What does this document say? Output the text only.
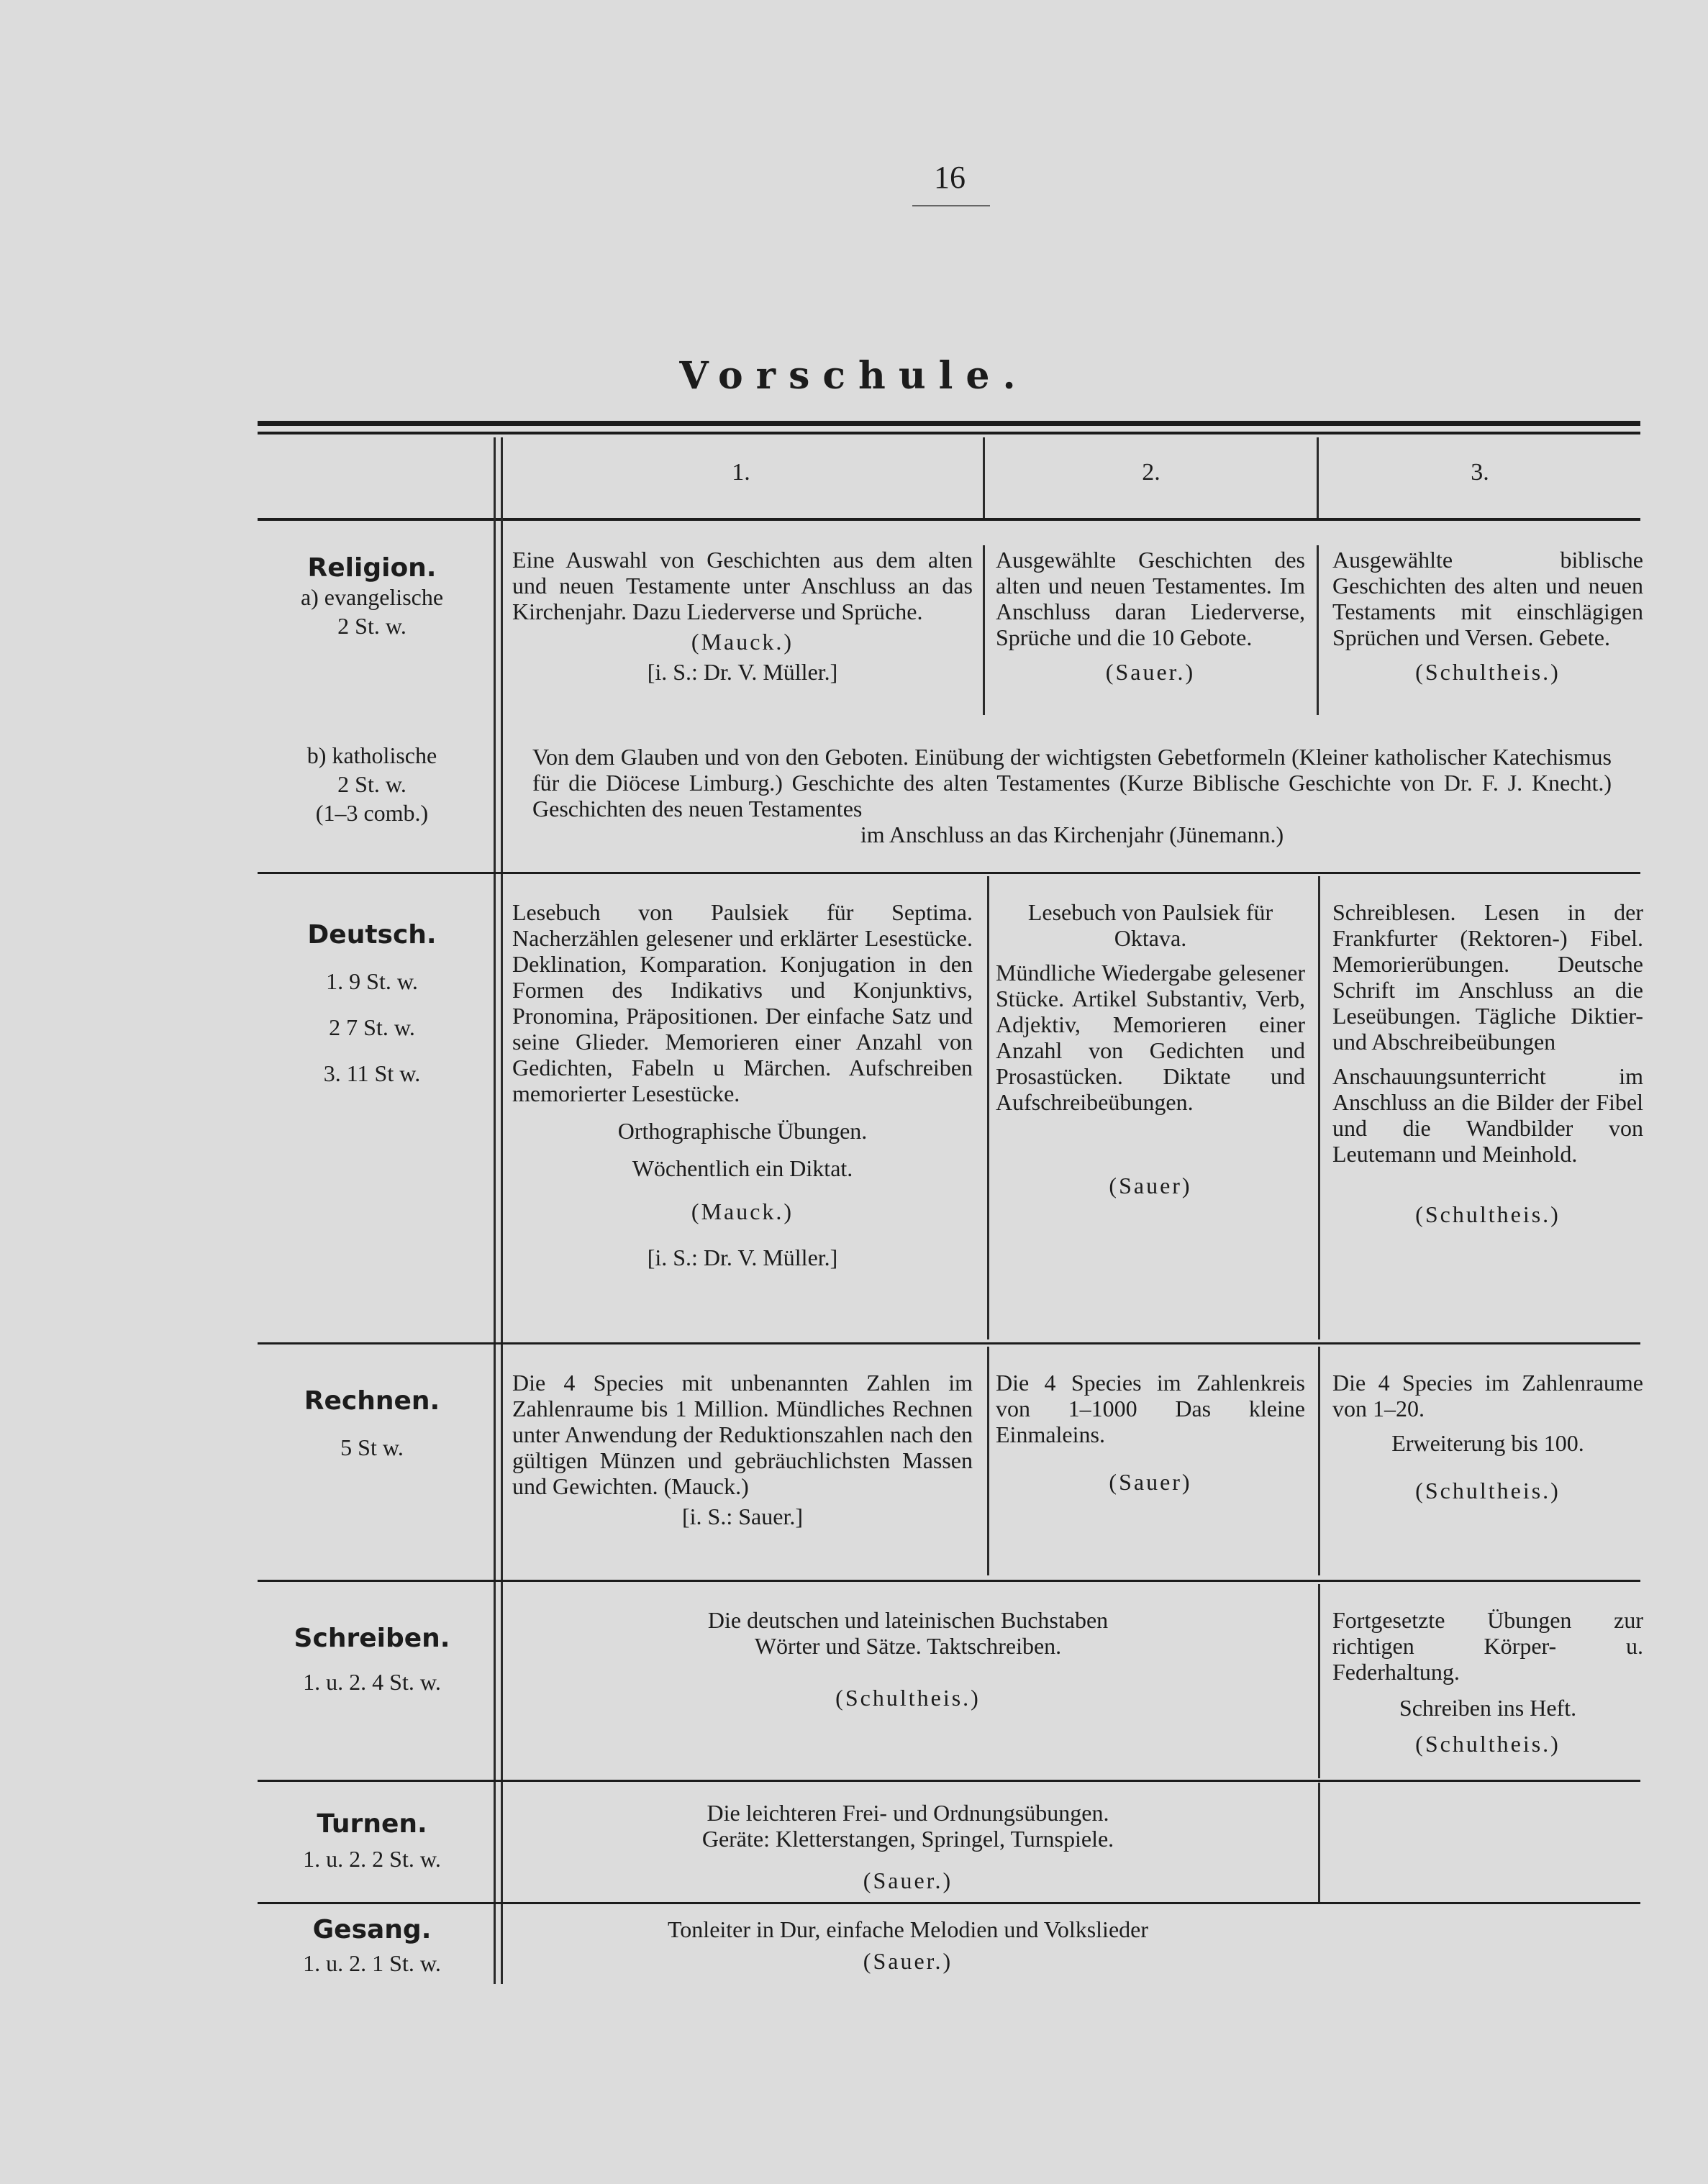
16
Vorschule.
1.	2.	3.
Religion.
a) evangelische
2 St. w.

Eine Auswahl von Geschichten aus dem alten und neuen Testamente unter Anschluss an das Kirchenjahr. Dazu Liederverse und Sprüche.

(Mauck.)

[i. S.: Dr. V. Müller.]

Ausgewählte Geschichten des alten und neuen Testamentes. Im Anschluss daran Liederverse, Sprüche und die 10 Gebote.

(Sauer.)

Ausgewählte biblische Geschichten des alten und neuen Testaments mit einschlägigen Sprüchen und Versen. Gebete.

(Schultheis.)

b) katholische
2 St. w.
(1–3 comb.)

Von dem Glauben und von den Geboten. Einübung der wichtigsten Gebetformeln (Kleiner katholischer Katechismus für die Diöcese Limburg.) Geschichte des alten Testamentes (Kurze Biblische Geschichte von Dr. F. J. Knecht.) Geschichten des neuen Testamentes

im Anschluss an das Kirchenjahr (Jünemann.)

Deutsch.
1. 9 St. w.
2 7 St. w.
3. 11 St w.

Lesebuch von Paulsiek für Septima. Nacherzählen gelesener und erklärter Lesestücke. Deklination, Komparation. Konjugation in den Formen des Indikativs und Konjunktivs, Pronomina, Präpositionen. Der einfache Satz und seine Glieder. Memorieren einer Anzahl von Gedichten, Fabeln u Märchen. Aufschreiben memorierter Lesestücke.

Orthographische Übungen.

Wöchentlich ein Diktat.

(Mauck.)

[i. S.: Dr. V. Müller.]

Lesebuch von Paulsiek für Oktava.

Mündliche Wiedergabe gelesener Stücke. Artikel Substantiv, Verb, Adjektiv, Memorieren einer Anzahl von Gedichten und Prosastücken. Diktate und Aufschreibeübungen.

(Sauer)

Schreiblesen. Lesen in der Frankfurter (Rektoren-) Fibel. Memorierübungen. Deutsche Schrift im Anschluss an die Leseübungen. Tägliche Diktier- und Abschreibeübungen

Anschauungsunterricht im Anschluss an die Bilder der Fibel und die Wandbilder von Leutemann und Meinhold.

(Schultheis.)

Rechnen.
5 St w.

Die 4 Species mit unbenannten Zahlen im Zahlenraume bis 1 Million. Mündliches Rechnen unter Anwendung der Reduktionszahlen nach den gültigen Münzen und gebräuchlichsten Massen und Gewichten. (Mauck.)

[i. S.: Sauer.]

Die 4 Species im Zahlenkreis von 1–1000 Das kleine Einmaleins.

(Sauer)

Die 4 Species im Zahlenraume von 1–20.

Erweiterung bis 100.

(Schultheis.)

Schreiben.
1. u. 2. 4 St. w.

Die deutschen und lateinischen Buchstaben

Wörter und Sätze. Taktschreiben.

(Schultheis.)

Fortgesetzte Übungen zur richtigen Körper- u. Federhaltung.

Schreiben ins Heft.

(Schultheis.)

Turnen.
1. u. 2. 2 St. w.

Die leichteren Frei- und Ordnungsübungen.

Geräte: Kletterstangen, Springel, Turnspiele.

(Sauer.)

Gesang.
1. u. 2. 1 St. w.

Tonleiter in Dur, einfache Melodien und Volkslieder

(Sauer.)
